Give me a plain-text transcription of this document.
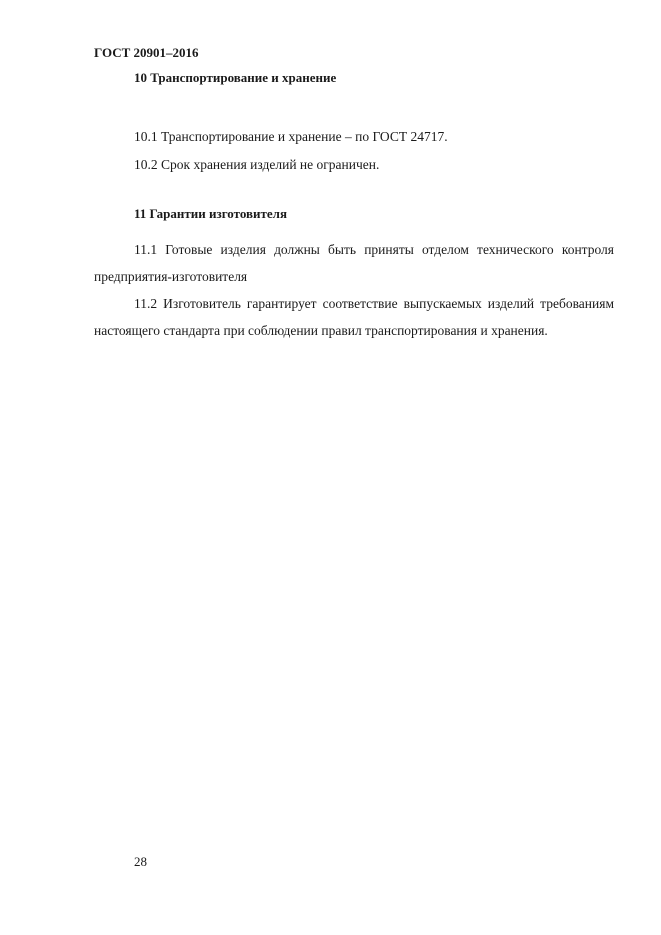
ГОСТ 20901–2016
10 Транспортирование и хранение
10.1 Транспортирование и хранение – по ГОСТ 24717.
10.2 Срок хранения изделий не ограничен.
11 Гарантии изготовителя
11.1 Готовые изделия должны быть приняты отделом технического контроля предприятия-изготовителя
11.2 Изготовитель гарантирует соответствие выпускаемых изделий требованиям настоящего стандарта при соблюдении правил транспортирования и хранения.
28
